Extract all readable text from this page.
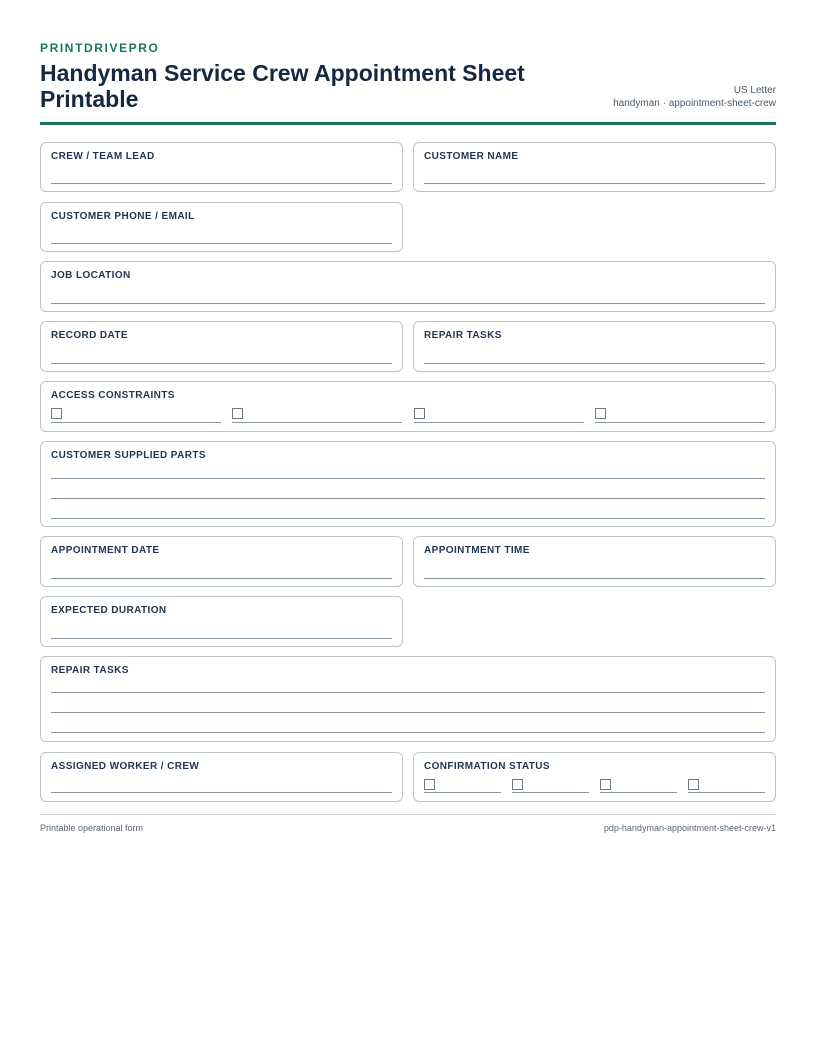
PRINTDRIVEPRO
Handyman Service Crew Appointment Sheet Printable	US Letter
handyman · appointment-sheet-crew
CREW / TEAM LEAD	CUSTOMER NAME
CUSTOMER PHONE / EMAIL
JOB LOCATION
RECORD DATE	REPAIR TASKS
ACCESS CONSTRAINTS
CUSTOMER SUPPLIED PARTS
APPOINTMENT DATE	APPOINTMENT TIME
EXPECTED DURATION
REPAIR TASKS
ASSIGNED WORKER / CREW	CONFIRMATION STATUS
Printable operational form	pdp-handyman-appointment-sheet-crew-v1
